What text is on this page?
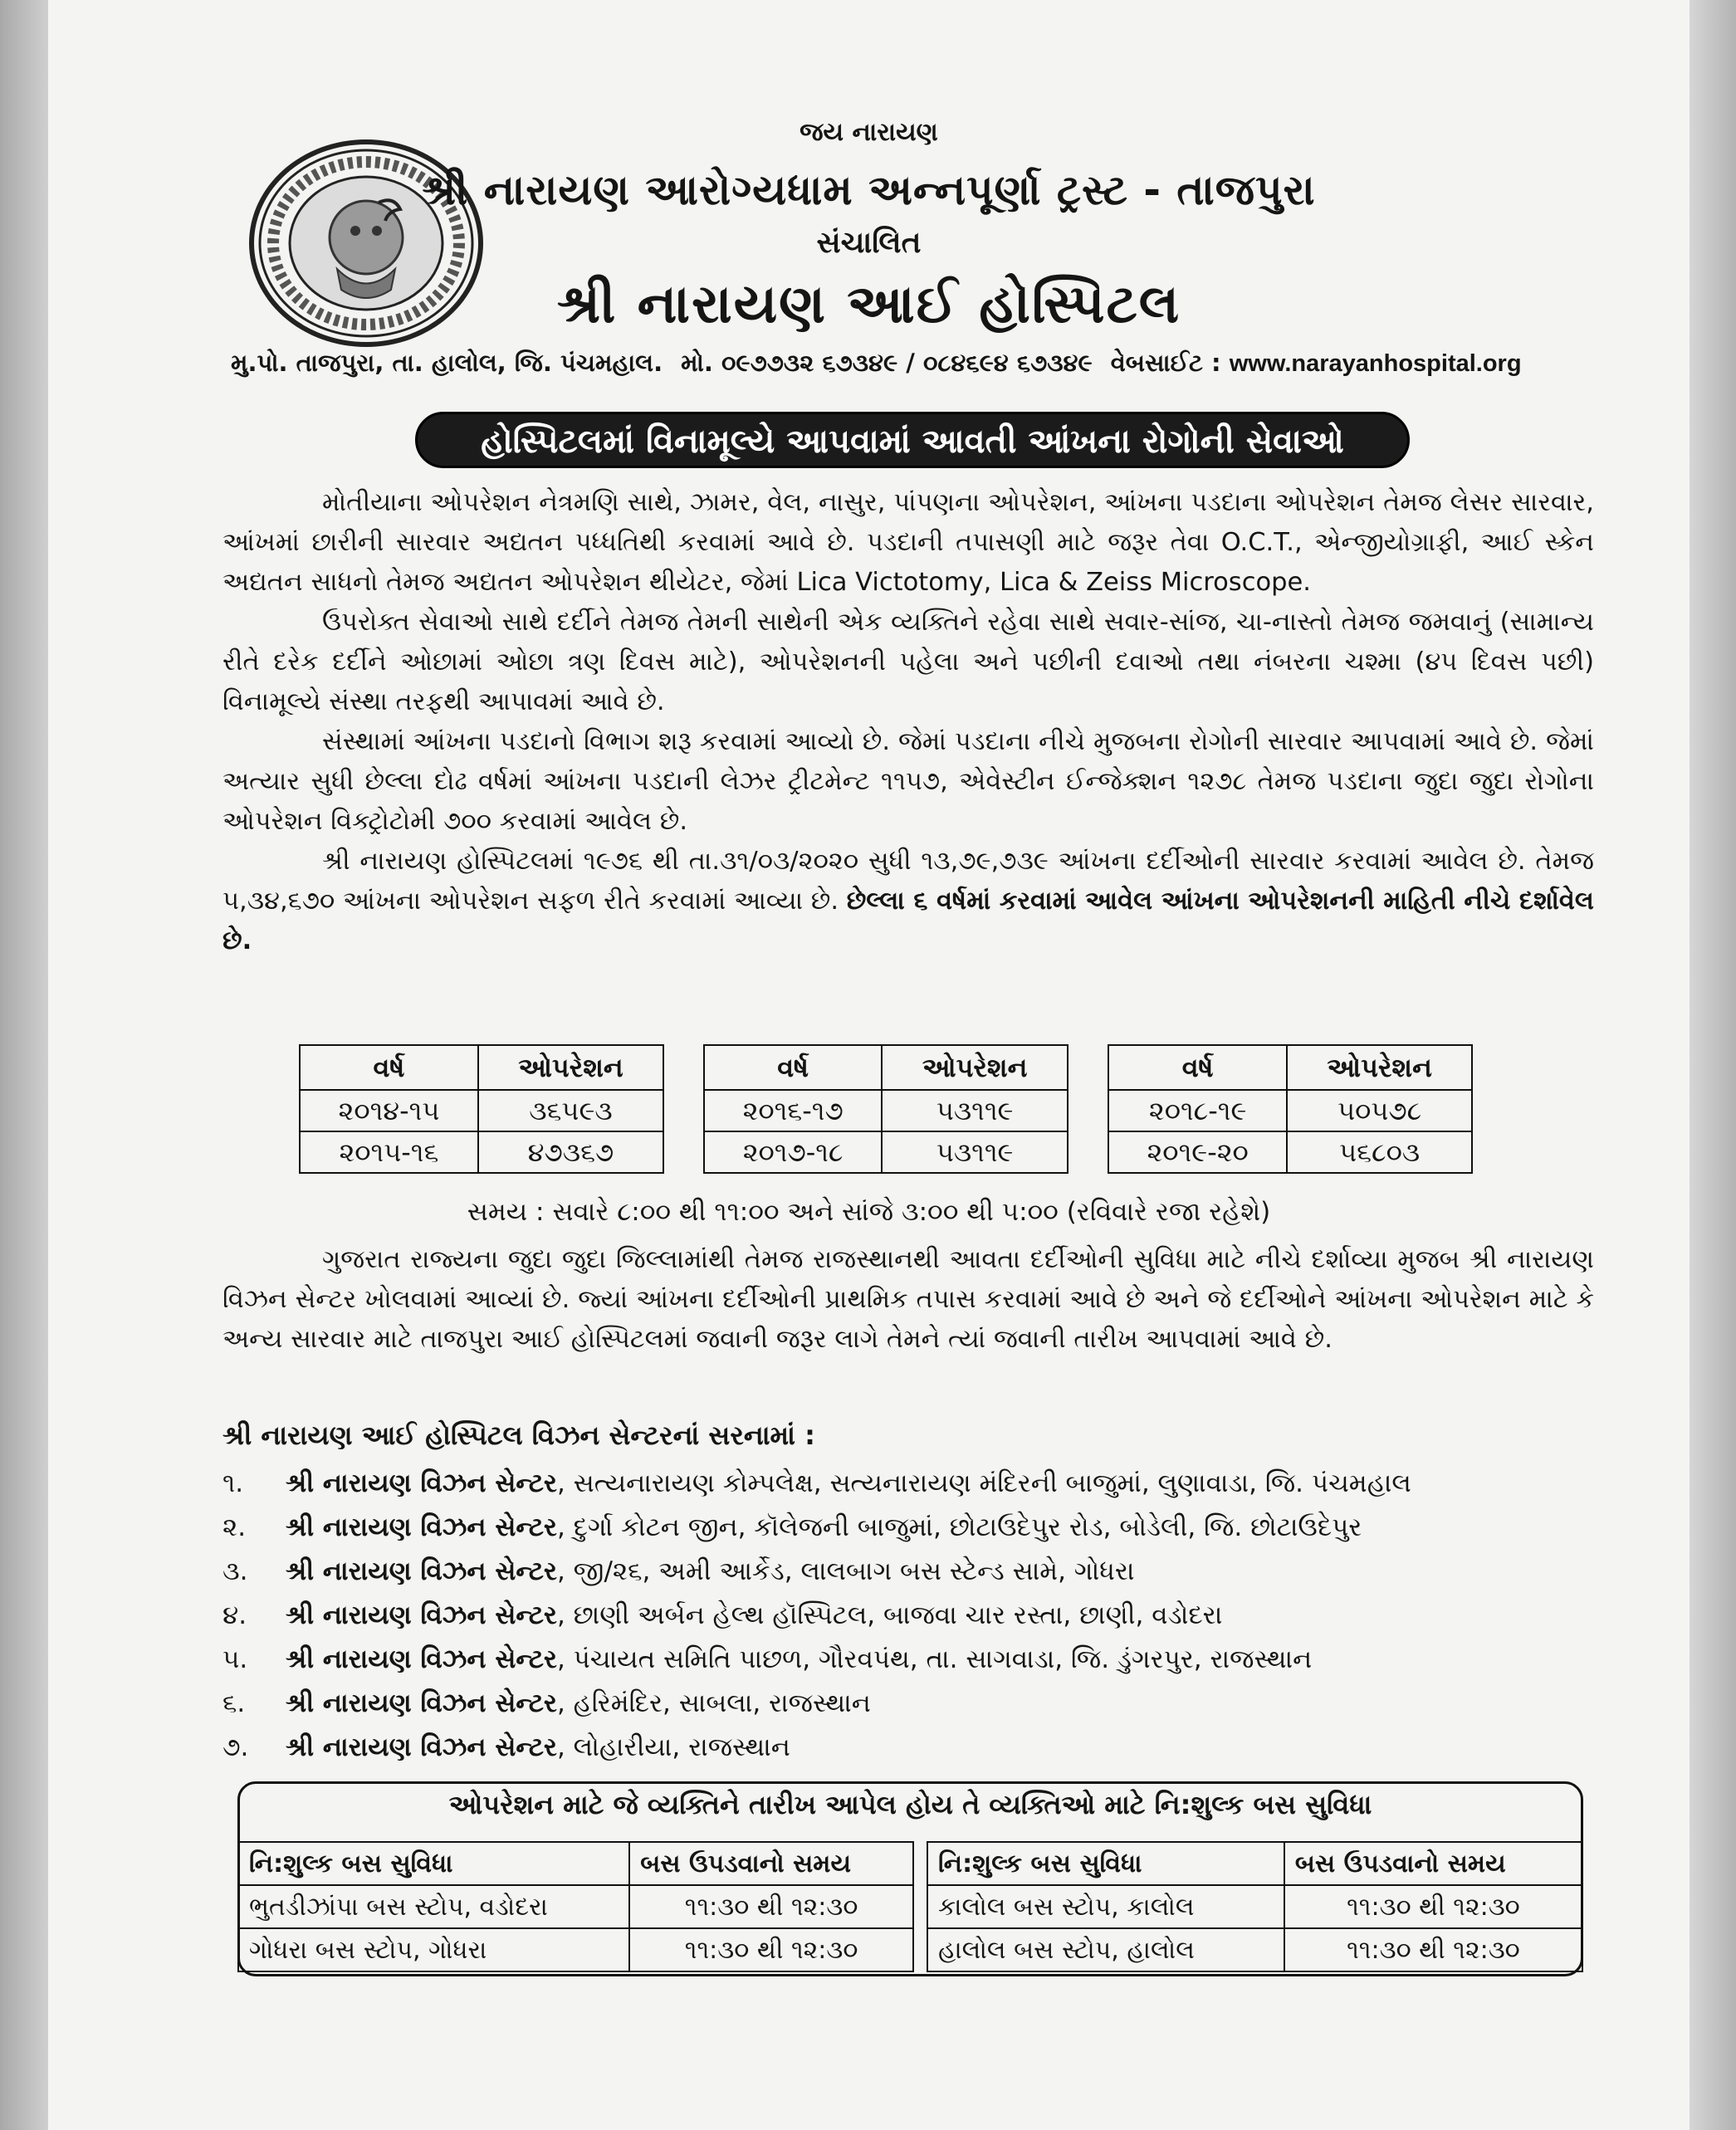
જય નારાયણ
શ્રી નારાયણ આરોગ્યધામ અન્નપૂર્ણા ટ્રસ્ટ - તાજપુરા
સંચાલિત
શ્રી નારાયણ આઈ હોસ્પિટલ
મુ.પો. તાજપુરા, તા. હાલોલ, જિ. પંચમહાલ. મો. ૦૯૭૭૩૨ ૬૭૩૪૯ / ૦૮૪૬૯૪ ૬૭૩૪૯ વેબસાઈટ : www.narayanhospital.org
હોસ્પિટલમાં વિનામૂલ્યે આપવામાં આવતી આંખના રોગોની સેવાઓ

મોતીયાના ઓપરેશન નેત્રમણિ સાથે, ઝામર, વેલ, નાસુર, પાંપણના ઓપરેશન, આંખના પડદાના ઓપરેશન તેમજ લેસર સારવાર, આંખમાં છારીની સારવાર અદ્યતન પધ્ધતિથી કરવામાં આવે છે. પડદાની તપાસણી માટે જરૂર તેવા O.C.T., એન્જીયોગ્રાફી, આઈ સ્કેન અદ્યતન સાધનો તેમજ અદ્યતન ઓપરેશન થીયેટર, જેમાં Lica Victotomy, Lica & Zeiss Microscope.

ઉપરોક્ત સેવાઓ સાથે દર્દીને તેમજ તેમની સાથેની એક વ્યક્તિને રહેવા સાથે સવાર-સાંજ, ચા-નાસ્તો તેમજ જમવાનું (સામાન્ય રીતે દરેક દર્દીને ઓછામાં ઓછા ત્રણ દિવસ માટે), ઓપરેશનની પહેલા અને પછીની દવાઓ તથા નંબરના ચશ્મા (૪૫ દિવસ પછી) વિનામૂલ્યે સંસ્થા તરફથી આપાવમાં આવે છે.

સંસ્થામાં આંખના પડદાનો વિભાગ શરૂ કરવામાં આવ્યો છે. જેમાં પડદાના નીચે મુજબના રોગોની સારવાર આપવામાં આવે છે. જેમાં અત્યાર સુધી છેલ્લા દોઢ વર્ષમાં આંખના પડદાની લેઝર ટ્રીટમેન્ટ ૧૧૫૭, એવેસ્ટીન ઈન્જેક્શન ૧૨૭૮ તેમજ પડદાના જુદા જુદા રોગોના ઓપરેશન વિક્ટ્રોટોમી ૭૦૦ કરવામાં આવેલ છે.

શ્રી નારાયણ હોસ્પિટલમાં ૧૯૭૬ થી તા.૩૧/૦૩/૨૦૨૦ સુધી ૧૩,૭૯,૭૩૯ આંખના દર્દીઓની સારવાર કરવામાં આવેલ છે. તેમજ ૫,૩૪,૬૭૦ આંખના ઓપરેશન સફળ રીતે કરવામાં આવ્યા છે. છેલ્લા ૬ વર્ષમાં કરવામાં આવેલ આંખના ઓપરેશનની માહિતી નીચે દર્શાવેલ છે.

વર્ષ	ઓપરેશન
૨૦૧૪-૧૫	૩૬૫૯૩
૨૦૧૫-૧૬	૪૭૩૬૭
વર્ષ	ઓપરેશન
૨૦૧૬-૧૭	૫૩૧૧૯
૨૦૧૭-૧૮	૫૩૧૧૯
વર્ષ	ઓપરેશન
૨૦૧૮-૧૯	૫૦૫૭૮
૨૦૧૯-૨૦	૫૬૮૦૩
સમય : સવારે ૮:૦૦ થી ૧૧:૦૦ અને સાંજે ૩:૦૦ થી ૫:૦૦ (રવિવારે રજા રહેશે)

ગુજરાત રાજ્યના જુદા જુદા જિલ્લામાંથી તેમજ રાજસ્થાનથી આવતા દર્દીઓની સુવિધા માટે નીચે દર્શાવ્યા મુજબ શ્રી નારાયણ વિઝન સેન્ટર ખોલવામાં આવ્યાં છે. જ્યાં આંખના દર્દીઓની પ્રાથમિક તપાસ કરવામાં આવે છે અને જે દર્દીઓને આંખના ઓપરેશન માટે કે અન્ય સારવાર માટે તાજપુરા આઈ હોસ્પિટલમાં જવાની જરૂર લાગે તેમને ત્યાં જવાની તારીખ આપવામાં આવે છે.

શ્રી નારાયણ આઈ હોસ્પિટલ વિઝન સેન્ટરનાં સરનામાં :
૧. શ્રી નારાયણ વિઝન સેન્ટર, સત્યનારાયણ કોમ્પલેક્ષ, સત્યનારાયણ મંદિરની બાજુમાં, લુણાવાડા, જિ. પંચમહાલ
૨. શ્રી નારાયણ વિઝન સેન્ટર, દુર્ગા કોટન જીન, કૉલેજની બાજુમાં, છોટાઉદેપુર રોડ, બોડેલી, જિ. છોટાઉદેપુર
૩. શ્રી નારાયણ વિઝન સેન્ટર, જી/૨૬, અમી આર્કેડ, લાલબાગ બસ સ્ટેન્ડ સામે, ગોધરા
૪. શ્રી નારાયણ વિઝન સેન્ટર, છાણી અર્બન હેલ્થ હૉસ્પિટલ, બાજવા ચાર રસ્તા, છાણી, વડોદરા
૫. શ્રી નારાયણ વિઝન સેન્ટર, પંચાયત સમિતિ પાછળ, ગૌરવપંથ, તા. સાગવાડા, જિ. ડુંગરપુર, રાજસ્થાન
૬. શ્રી નારાયણ વિઝન સેન્ટર, હરિમંદિર, સાબલા, રાજસ્થાન
૭. શ્રી નારાયણ વિઝન સેન્ટર, લોહારીયા, રાજસ્થાન
ઓપરેશન માટે જે વ્યક્તિને તારીખ આપેલ હોય તે વ્યક્તિઓ માટે નિ:શુલ્ક બસ સુવિધા
નિ:શુલ્ક બસ સુવિધા	બસ ઉપડવાનો સમય
ભુતડીઝાંપા બસ સ્ટોપ, વડોદરા	૧૧:૩૦ થી ૧૨:૩૦
ગોધરા બસ સ્ટોપ, ગોધરા	૧૧:૩૦ થી ૧૨:૩૦
નિ:શુલ્ક બસ સુવિધા	બસ ઉપડવાનો સમય
કાલોલ બસ સ્ટોપ, કાલોલ	૧૧:૩૦ થી ૧૨:૩૦
હાલોલ બસ સ્ટોપ, હાલોલ	૧૧:૩૦ થી ૧૨:૩૦
